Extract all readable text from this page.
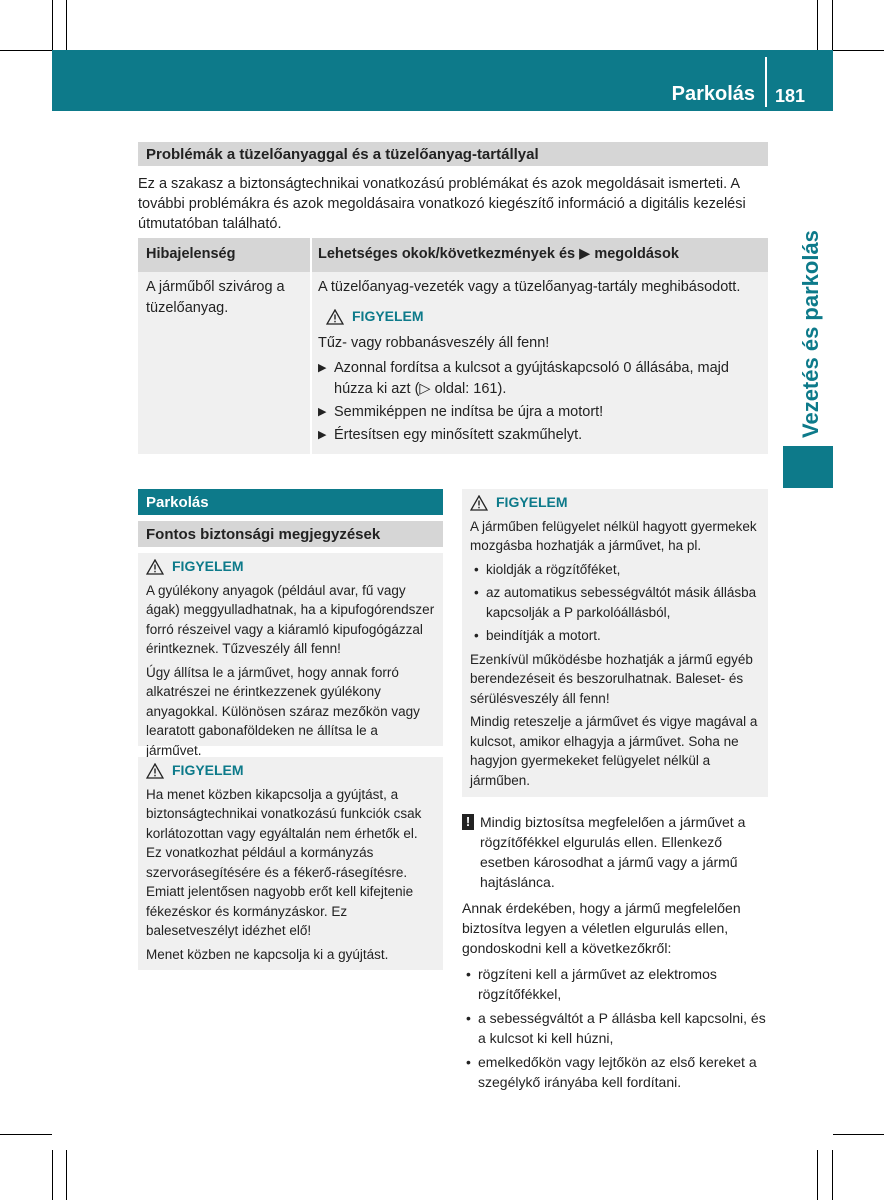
Parkolás 181
Vezetés és parkolás
Problémák a tüzelőanyaggal és a tüzelőanyag-tartállyal
Ez a szakasz a biztonságtechnikai vonatkozású problémákat és azok megoldásait ismerteti. A további problémákra és azok megoldásaira vonatkozó kiegészítő információ a digitális kezelési útmutatóban található.
Hibajelenség	Lehetséges okok/következmények és ▶ megoldások
A járműből szivárog a tüzelőanyag.
A tüzelőanyag-vezeték vagy a tüzelőanyag-tartály meghibásodott.
FIGYELEM
Tűz- vagy robbanásveszély áll fenn!
▶ Azonnal fordítsa a kulcsot a gyújtáskapcsoló 0 állásába, majd húzza ki azt (▷ oldal: 161).
▶ Semmiképpen ne indítsa be újra a motort!
▶ Értesítsen egy minősített szakműhelyt.
Parkolás
Fontos biztonsági megjegyzések
FIGYELEM

A gyúlékony anyagok (például avar, fű vagy ágak) meggyulladhatnak, ha a kipufogórendszer forró részeivel vagy a kiáramló kipufogógázzal érintkeznek. Tűzveszély áll fenn!

Úgy állítsa le a járművet, hogy annak forró alkatrészei ne érintkezzenek gyúlékony anyagokkal. Különösen száraz mezőkön vagy learatott gabonaföldeken ne állítsa le a járművet.

FIGYELEM

Ha menet közben kikapcsolja a gyújtást, a biztonságtechnikai vonatkozású funkciók csak korlátozottan vagy egyáltalán nem érhetők el. Ez vonatkozhat például a kormányzás szervorásegítésére és a fékerő-rásegítésre. Emiatt jelentősen nagyobb erőt kell kifejtenie fékezéskor és kormányzáskor. Ez balesetveszélyt idézhet elő!

Menet közben ne kapcsolja ki a gyújtást.

FIGYELEM

A járműben felügyelet nélkül hagyott gyermekek mozgásba hozhatják a járművet, ha pl.

• kioldják a rögzítőféket,
• az automatikus sebességváltót másik állásba kapcsolják a P parkolóállásból,
• beindítják a motort.

Ezenkívül működésbe hozhatják a jármű egyéb berendezéseit és beszorulhatnak. Baleset- és sérülésveszély áll fenn!

Mindig reteszelje a járművet és vigye magával a kulcsot, amikor elhagyja a járművet. Soha ne hagyjon gyermekeket felügyelet nélkül a járműben.

! Mindig biztosítsa megfelelően a járművet a rögzítőfékkel elgurulás ellen. Ellenkező esetben károsodhat a jármű vagy a jármű hajtáslánca.

Annak érdekében, hogy a jármű megfelelően biztosítva legyen a véletlen elgurulás ellen, gondoskodni kell a következőkről:

• rögzíteni kell a járművet az elektromos rögzítőfékkel,
• a sebességváltót a P állásba kell kapcsolni, és a kulcsot ki kell húzni,
• emelkedőkön vagy lejtőkön az első kereket a szegélykő irányába kell fordítani.
